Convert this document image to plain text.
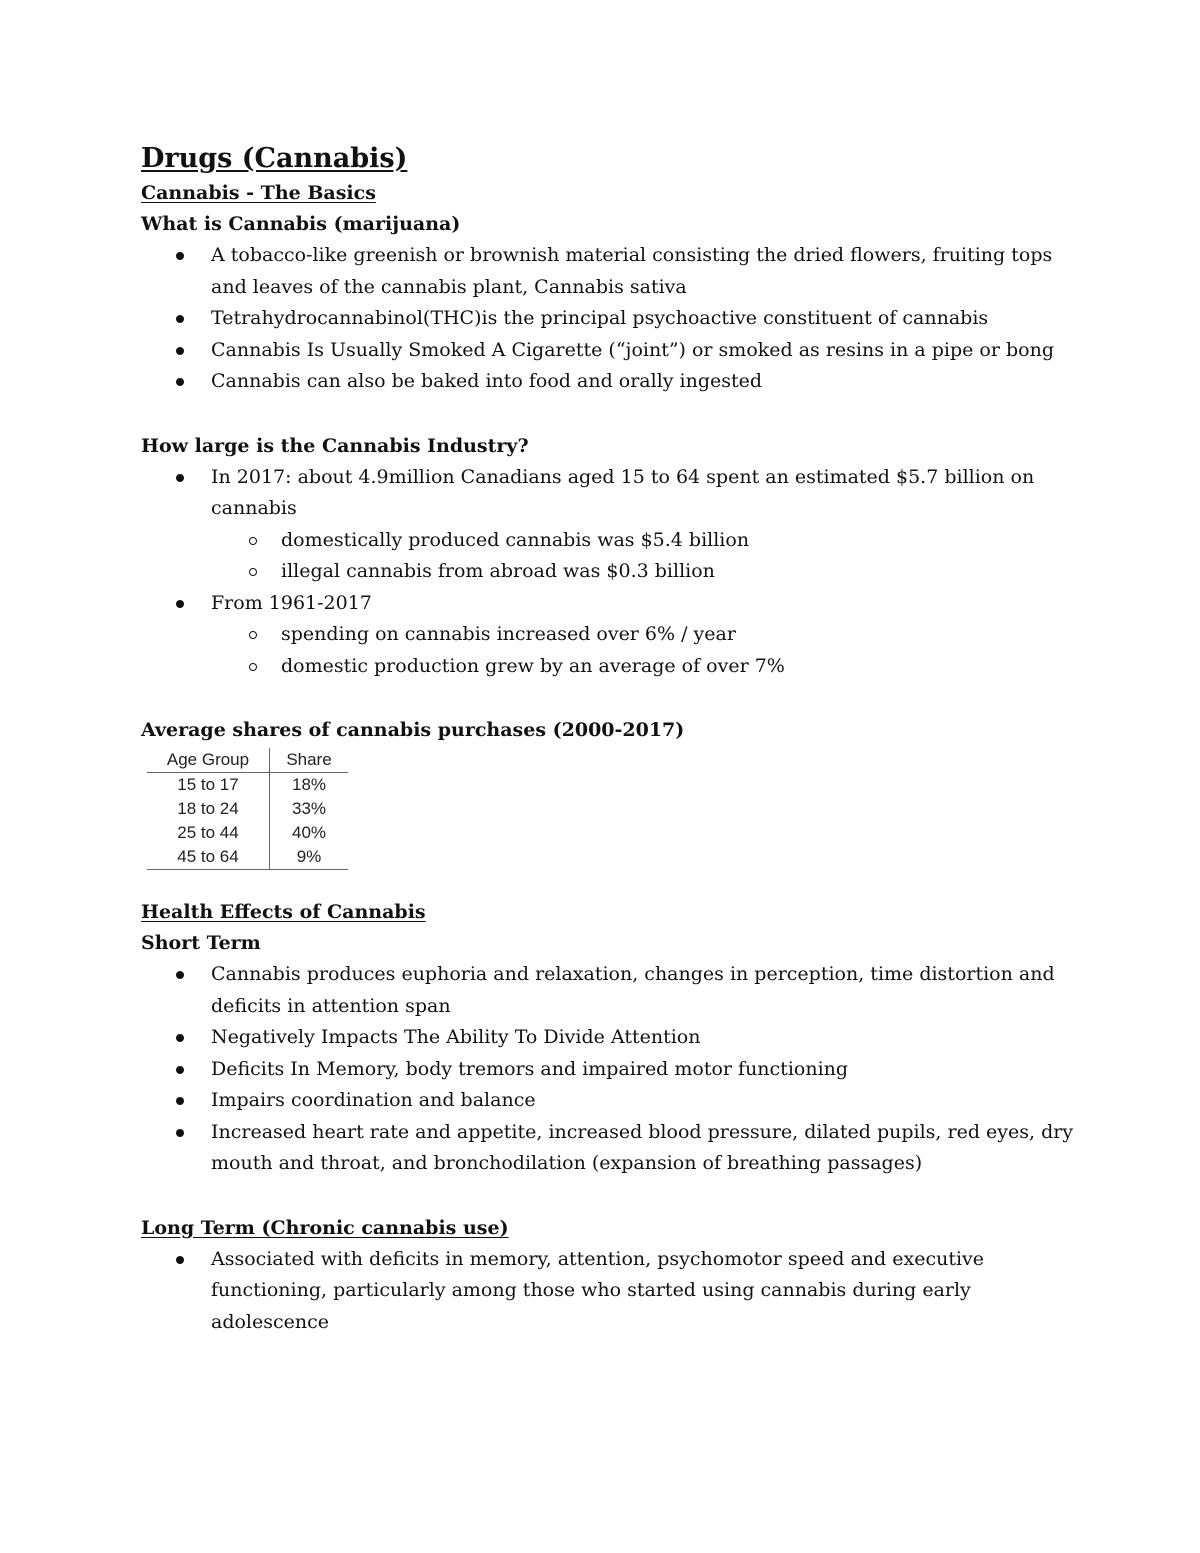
Drugs (Cannabis)
Cannabis - The Basics
What is Cannabis (marijuana)
A tobacco-like greenish or brownish material consisting the dried flowers, fruiting tops and leaves of the cannabis plant, Cannabis sativa
Tetrahydrocannabinol(THC)is the principal psychoactive constituent of cannabis
Cannabis Is Usually Smoked A Cigarette (“joint”) or smoked as resins in a pipe or bong
Cannabis can also be baked into food and orally ingested
How large is the Cannabis Industry?
In 2017: about 4.9million Canadians aged 15 to 64 spent an estimated $5.7 billion on cannabis
domestically produced cannabis was $5.4 billion
illegal cannabis from abroad was $0.3 billion
From 1961-2017
spending on cannabis increased over 6% / year
domestic production grew by an average of over 7%
Average shares of cannabis purchases (2000-2017)
Age Group	Share
15 to 17	18%
18 to 24	33%
25 to 44	40%
45 to 64	9%
Health Effects of Cannabis
Short Term
Cannabis produces euphoria and relaxation, changes in perception, time distortion and deficits in attention span
Negatively Impacts The Ability To Divide Attention
Deficits In Memory, body tremors and impaired motor functioning
Impairs coordination and balance
Increased heart rate and appetite, increased blood pressure, dilated pupils, red eyes, dry mouth and throat, and bronchodilation (expansion of breathing passages)
Long Term (Chronic cannabis use)
Associated with deficits in memory, attention, psychomotor speed and executive functioning, particularly among those who started using cannabis during early adolescence
